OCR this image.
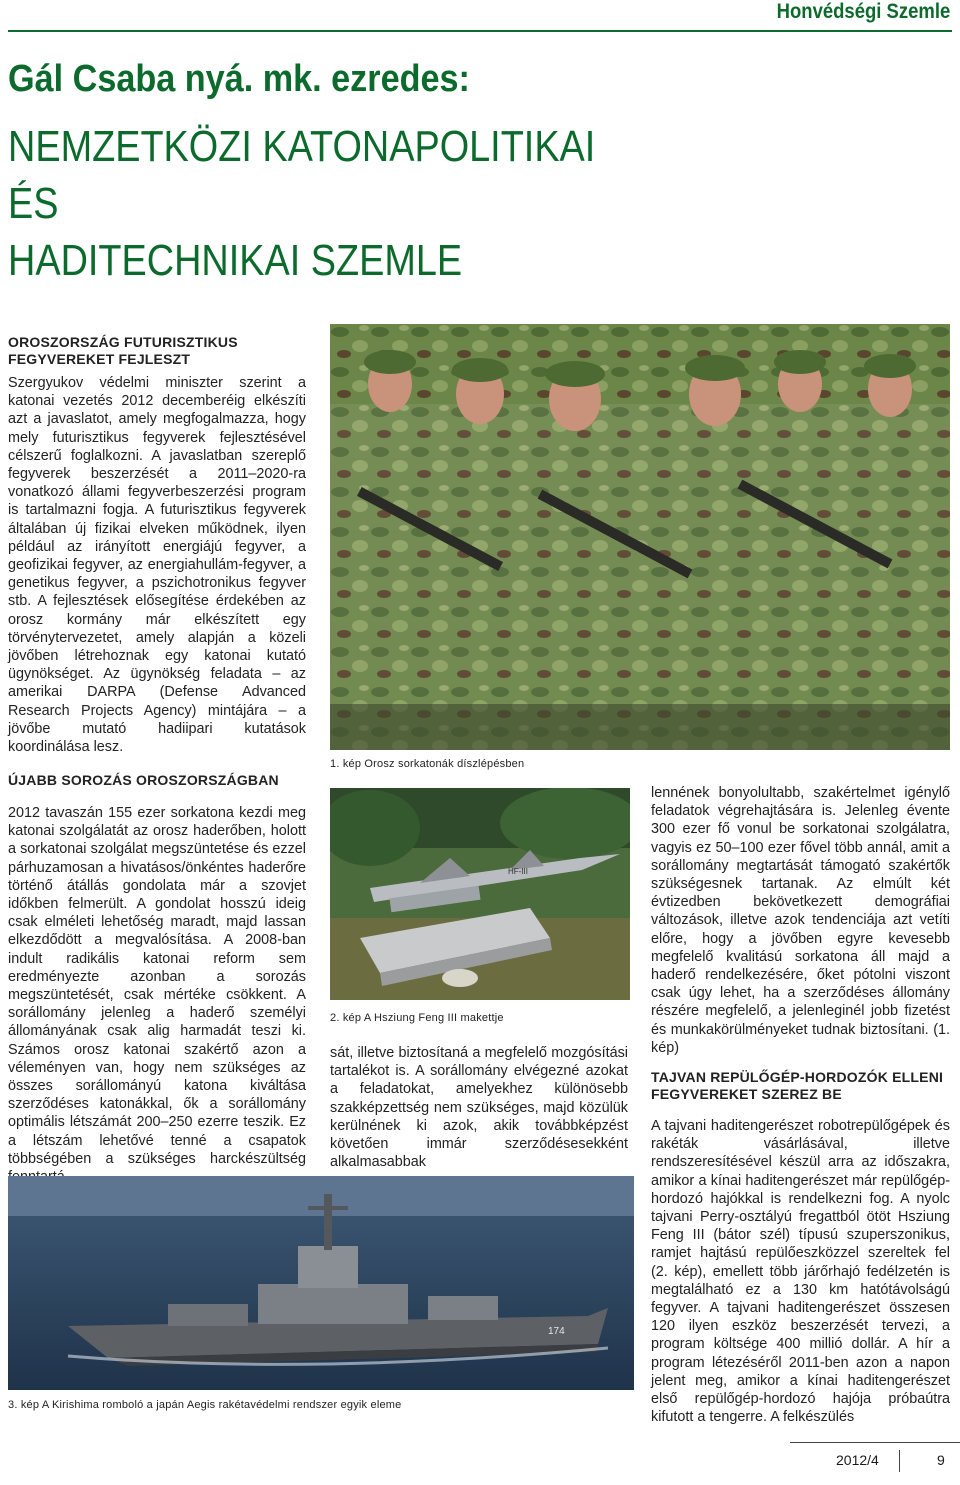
Honvédségi Szemle
Gál Csaba nyá. mk. ezredes:
NEMZETKÖZI KATONAPOLITIKAI ÉS
HADITECHNIKAI SZEMLE
OROSZORSZÁG FUTURISZTIKUS FEGYVEREKET FEJLESZT
Szergyukov védelmi miniszter szerint a katonai vezetés 2012 decemberéig elkészíti azt a javaslatot, amely megfogalmazza, hogy mely futurisztikus fegyverek fejlesztésével célszerű foglalkozni. A javaslatban szereplő fegyverek beszerzését a 2011–2020-ra vonatkozó állami fegyverbeszerzési program is tartalmazni fogja. A futurisztikus fegyverek általában új fizikai elveken működnek, ilyen például az irányított energiájú fegyver, a geofizikai fegyver, az energiahullám-fegyver, a genetikus fegyver, a pszichotronikus fegyver stb. A fejlesztések elősegítése érdekében az orosz kormány már elkészített egy törvénytervezetet, amely alapján a közeli jövőben létrehoznak egy katonai kutató ügynökséget. Az ügynökség feladata – az amerikai DARPA (Defense Advanced Research Projects Agency) mintájára – a jövőbe mutató hadiipari kutatások koordinálása lesz.
ÚJABB SOROZÁS OROSZORSZÁGBAN
2012 tavaszán 155 ezer sorkatona kezdi meg katonai szolgálatát az orosz haderőben, holott a sorkatonai szolgálat megszüntetése és ezzel párhuzamosan a hivatásos/önkéntes haderőre történő átállás gondolata már a szovjet időkben felmerült. A gondolat hosszú ideig csak elméleti lehetőség maradt, majd lassan elkezdődött a megvalósítása. A 2008-ban indult radikális katonai reform sem eredményezte azonban a sorozás megszüntetését, csak mértéke csökkent. A sorállomány jelenleg a haderő személyi állományának csak alig harmadát teszi ki. Számos orosz katonai szakértő azon a véleményen van, hogy nem szükséges az összes sorállományú katona kiváltása szerződéses katonákkal, ők a sorállomány optimális létszámát 200–250 ezerre teszik. Ez a létszám lehetővé tenné a csapatok többségében a szükséges harckészültség
1. kép Orosz sorkatonák díszlépésben
HF-III
2. kép A Hsziung Feng III makettje
sát, illetve biztosítaná a megfelelő mozgósítási tartalékot is. A sorállomány elvégezné azokat a feladatokat, amelyekhez különösebb szakképzettség nem szükséges, majd közülük kerülnének ki azok, akik továbbképzést követően immár szerződésesekként alkalmasabbak
lennének bonyolultabb, szakértelmet igénylő feladatok végrehajtására is. Jelenleg évente 300 ezer fő vonul be sorkatonai szolgálatra, vagyis ez 50–100 ezer fővel több annál, amit a sorállomány megtartását támogató szakértők szükségesnek tartanak. Az elmúlt két évtizedben bekövetkezett demográfiai változások, illetve azok tendenciája azt vetíti előre, hogy a jövőben egyre kevesebb megfelelő kvalitású sorkatona áll majd a haderő rendelkezésére, őket pótolni viszont csak úgy lehet, ha a szerződéses állomány részére megfelelő, a jelenleginél jobb fizetést és munkakörülményeket tudnak biztosítani. (1. kép)
TAJVAN REPÜLŐGÉP-HORDOZÓK ELLENI FEGYVEREKET SZEREZ BE
A tajvani haditengerészet robotrepülőgépek és rakéták vásárlásával, illetve rendszeresítésével készül arra az időszakra, amikor a kínai haditengerészet már repülőgép-hordozó hajókkal is rendelkezni fog. A nyolc tajvani Perry-osztályú fregattból ötöt Hsziung Feng III (bátor szél) típusú szuperszonikus, ramjet hajtású repülőeszközzel szereltek fel (2. kép), emellett több járőrhajó fedélzetén is megtalálható ez a 130 km hatótávolságú fegyver. A tajvani haditengerészet összesen 120 ilyen eszköz beszerzését tervezi, a program költsége 400 millió dollár. A hír a program létezéséről 2011-ben azon a napon jelent meg, amikor a kínai haditengerészet első repülőgép-hordozó hajója próbaútra kifutott a tengerre. A felkészülés
174
3. kép A Kirishima romboló a japán Aegis rakétavédelmi rendszer egyik eleme
2012/4	9
